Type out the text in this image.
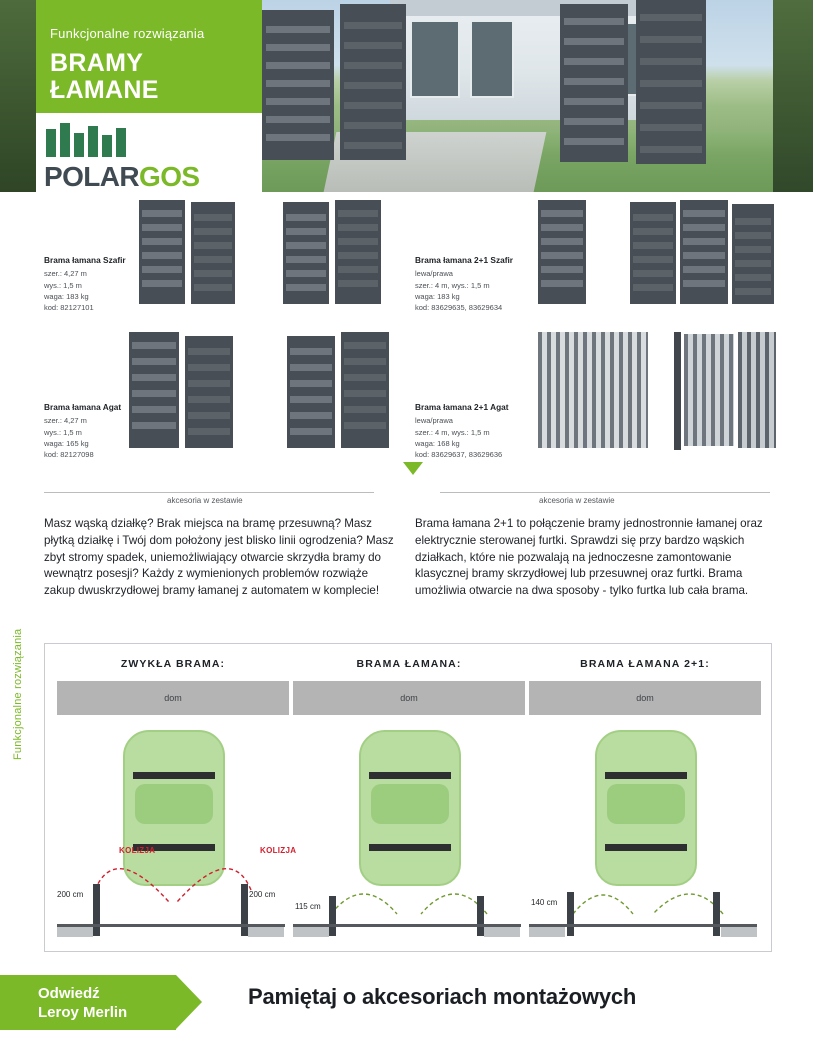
Funkcjonalne rozwiązania
BRAMY
ŁAMANE
POLARGOS
Brama łamana Szafir
szer.: 4,27 m
wys.: 1,5 m
waga: 183 kg
kod: 82127101
Brama łamana 2+1 Szafir
lewa/prawa
szer.: 4 m, wys.: 1,5 m
waga: 183 kg
kod: 83629635, 83629634
Brama łamana Agat
szer.: 4,27 m
wys.: 1,5 m
waga: 165 kg
kod: 82127098
Brama łamana 2+1 Agat
lewa/prawa
szer.: 4 m, wys.: 1,5 m
waga: 168 kg
kod: 83629637, 83629636
akcesoria w zestawie	akcesoria w zestawie
Masz wąską działkę? Brak miejsca na bramę przesuwną? Masz płytką działkę i Twój dom położony jest blisko linii ogrodzenia? Masz zbyt stromy spadek, uniemożliwiający otwarcie skrzydła bramy do wewnątrz posesji? Każdy z wymienionych problemów rozwiąże zakup dwuskrzydłowej bramy łamanej z automatem w komplecie!
Brama łamana 2+1 to połączenie bramy jednostronnie łamanej oraz elektrycznie sterowanej furtki. Sprawdzi się przy bardzo wąskich działkach, które nie pozwalają na jednoczesne zamontowanie klasycznej bramy skrzydłowej lub przesuwnej oraz furtki. Brama umożliwia otwarcie na dwa sposoby - tylko furtka lub cała brama.
Funkcjonalne rozwiązania	ZWYKŁA BRAMA:
dom
KOLIZJA	KOLIZJA
200 cm	200 cm
BRAMA ŁAMANA:
dom
115 cm
BRAMA ŁAMANA 2+1:
dom
140 cm
Odwiedź
Leroy Merlin
Pamiętaj o akcesoriach montażowych
